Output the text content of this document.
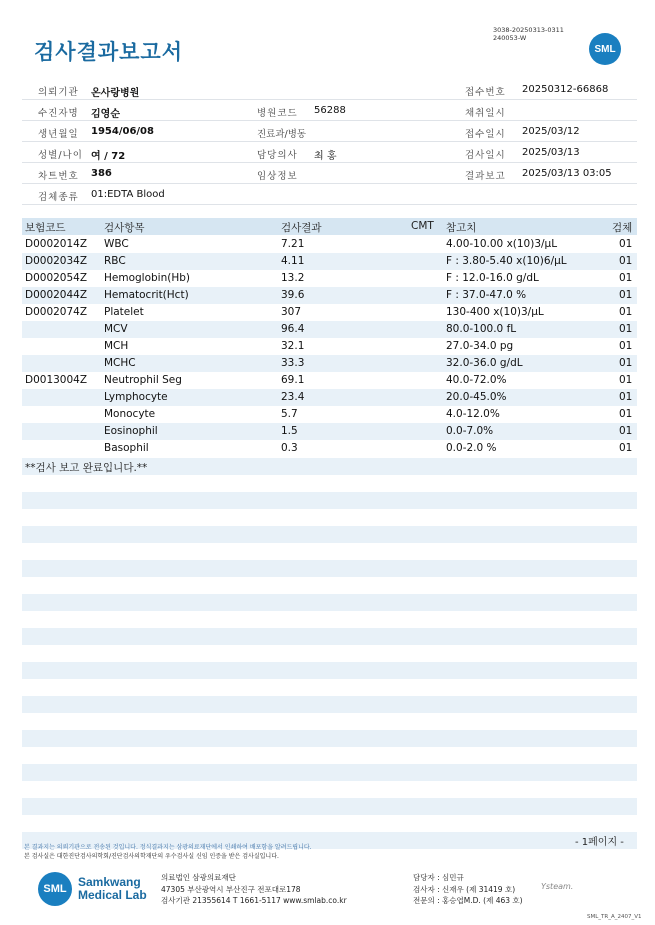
검사결과보고서
3038-20250313-0311
240053-W
SML
의뢰기관 온사랑병원	접수번호 20250312-66868
수진자명 김영순	병원코드 56288	채취일시
생년월일 1954/06/08	진료과/병동	접수일시 2025/03/12
성별/나이 여 / 72	담당의사 최 홍	검사일시 2025/03/13
차트번호 386	임상정보	결과보고 2025/03/13 03:05
검체종류 01:EDTA Blood
보험코드	검사항목	검사결과	CMT 참고치	검체
D0002014Z WBC	7.21	4.00-10.00 x(10)3/μL	01
D0002034Z RBC	4.11	F : 3.80-5.40 x(10)6/μL	01
D0002054Z Hemoglobin(Hb)	13.2	F : 12.0-16.0 g/dL	01
D0002044Z Hematocrit(Hct)	39.6	F : 37.0-47.0 %	01
D0002074Z Platelet	307	130-400 x(10)3/μL	01
MCV	96.4	80.0-100.0 fL	01
MCH	32.1	27.0-34.0 pg	01
MCHC	33.3	32.0-36.0 g/dL	01
D0013004Z Neutrophil Seg	69.1	40.0-72.0%	01
Lymphocyte	23.4	20.0-45.0%	01
Monocyte	5.7	4.0-12.0%	01
Eosinophil	1.5	0.0-7.0%	01
Basophil	0.3	0.0-2.0 %	01
**검사 보고 완료입니다.**
- 1페이지 -
본 결과지는 의뢰기관으로 전송된 것입니다. 정식결과지는 삼광의료재단에서 인쇄하여 배포함을 알려드립니다.
본 검사실은 대한진단검사의학회/진단검사의학재단의 우수검사실 신임 인증을 받은 검사실입니다.
SML Samkwang
Medical Lab
의료법인 삼광의료재단
47305 부산광역시 부산진구 전포대로178
검사기관 21355614 T 1661-5117 www.smlab.co.kr
담당자 : 심민규
검사자 : 신재우 (제 31419 호)
전문의 : 홍승엽M.D. (제 463 호)
Ysteam.
SML_TR_A_2407_V1
